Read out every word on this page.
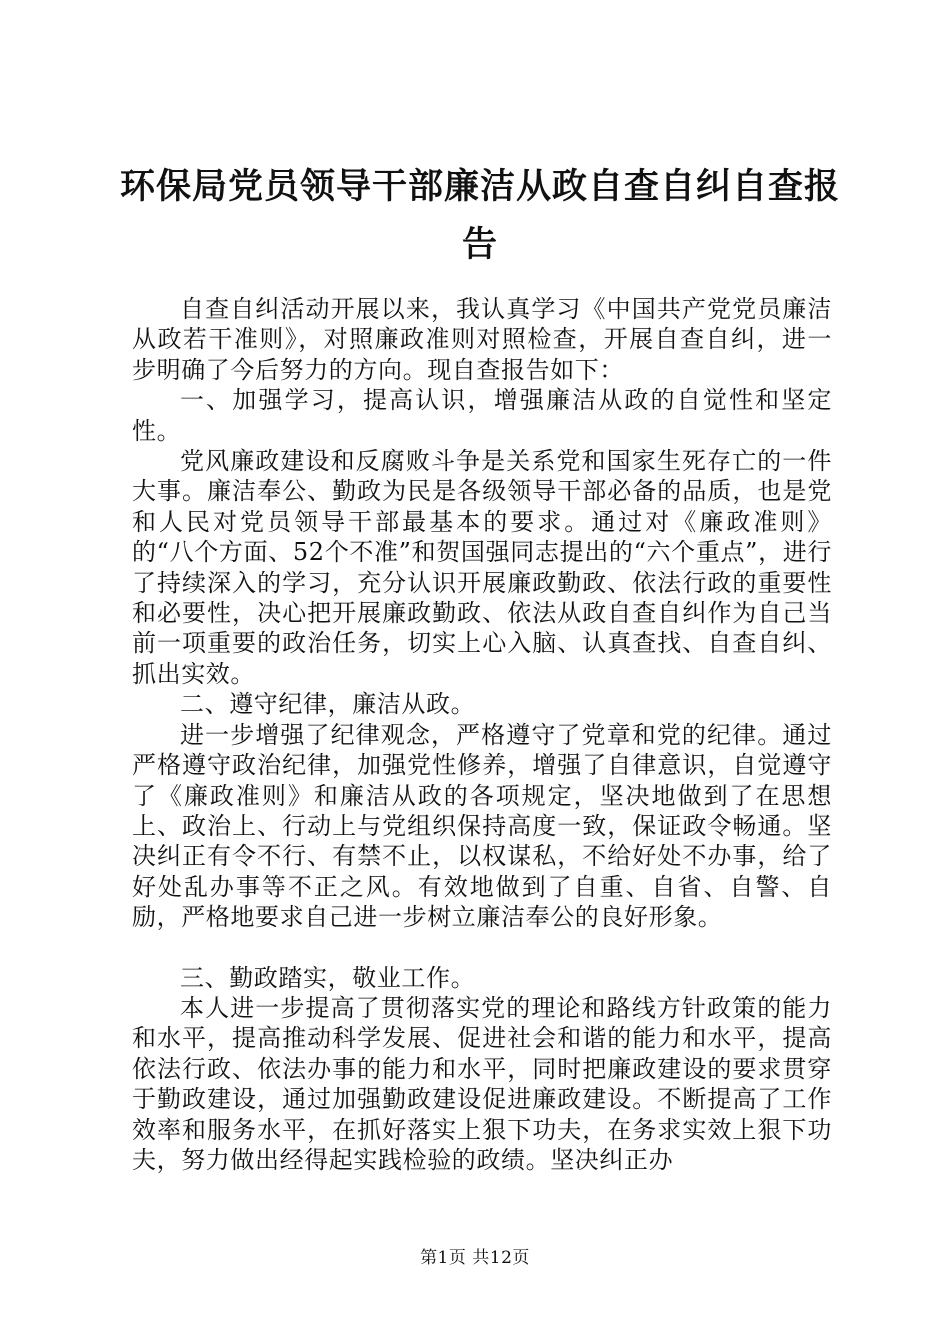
环保局党员领导干部廉洁从政自查自纠自查报告

自查自纠活动开展以来，我认真学习《中国共产党党员廉洁从政若干准则》，对照廉政准则对照检查，开展自查自纠，进一步明确了今后努力的方向。现自查报告如下：

一、加强学习，提高认识，增强廉洁从政的自觉性和坚定性。

党风廉政建设和反腐败斗争是关系党和国家生死存亡的一件大事。廉洁奉公、勤政为民是各级领导干部必备的品质，也是党和人民对党员领导干部最基本的要求。通过对《廉政准则》的“八个方面、52个不准”和贺国强同志提出的“六个重点”，进行了持续深入的学习，充分认识开展廉政勤政、依法行政的重要性和必要性，决心把开展廉政勤政、依法从政自查自纠作为自己当前一项重要的政治任务，切实上心入脑、认真查找、自查自纠、抓出实效。

二、遵守纪律，廉洁从政。

进一步增强了纪律观念，严格遵守了党章和党的纪律。通过严格遵守政治纪律，加强党性修养，增强了自律意识，自觉遵守了《廉政准则》和廉洁从政的各项规定，坚决地做到了在思想上、政治上、行动上与党组织保持高度一致，保证政令畅通。坚决纠正有令不行、有禁不止，以权谋私，不给好处不办事，给了好处乱办事等不正之风。有效地做到了自重、自省、自警、自励，严格地要求自己进一步树立廉洁奉公的良好形象。

三、勤政踏实，敬业工作。

本人进一步提高了贯彻落实党的理论和路线方针政策的能力和水平，提高推动科学发展、促进社会和谐的能力和水平，提高依法行政、依法办事的能力和水平，同时把廉政建设的要求贯穿于勤政建设，通过加强勤政建设促进廉政建设。不断提高了工作效率和服务水平，在抓好落实上狠下功夫，在务求实效上狠下功夫，努力做出经得起实践检验的政绩。坚决纠正办

第1页 共12页
